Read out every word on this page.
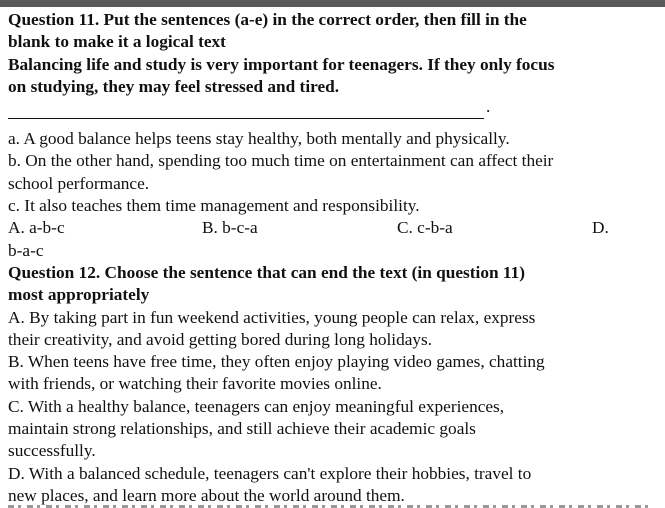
Question 11. Put the sentences (a-e) in the correct order, then fill in the
blank to make it a logical text
Balancing life and study is very important for teenagers. If they only focus
on studying, they may feel stressed and tired.
.
a. A good balance helps teens stay healthy, both mentally and physically.
b. On the other hand, spending too much time on entertainment can affect their
school performance.
c. It also teaches them time management and responsibility.
A. a-b-c	B. b-c-a	C. c-b-a	D.
b-a-c
Question 12. Choose the sentence that can end the text (in question 11)
most appropriately
A. By taking part in fun weekend activities, young people can relax, express
their creativity, and avoid getting bored during long holidays.
B. When teens have free time, they often enjoy playing video games, chatting
with friends, or watching their favorite movies online.
C. With a healthy balance, teenagers can enjoy meaningful experiences,
maintain strong relationships, and still achieve their academic goals
successfully.
D. With a balanced schedule, teenagers can't explore their hobbies, travel to
new places, and learn more about the world around them.
